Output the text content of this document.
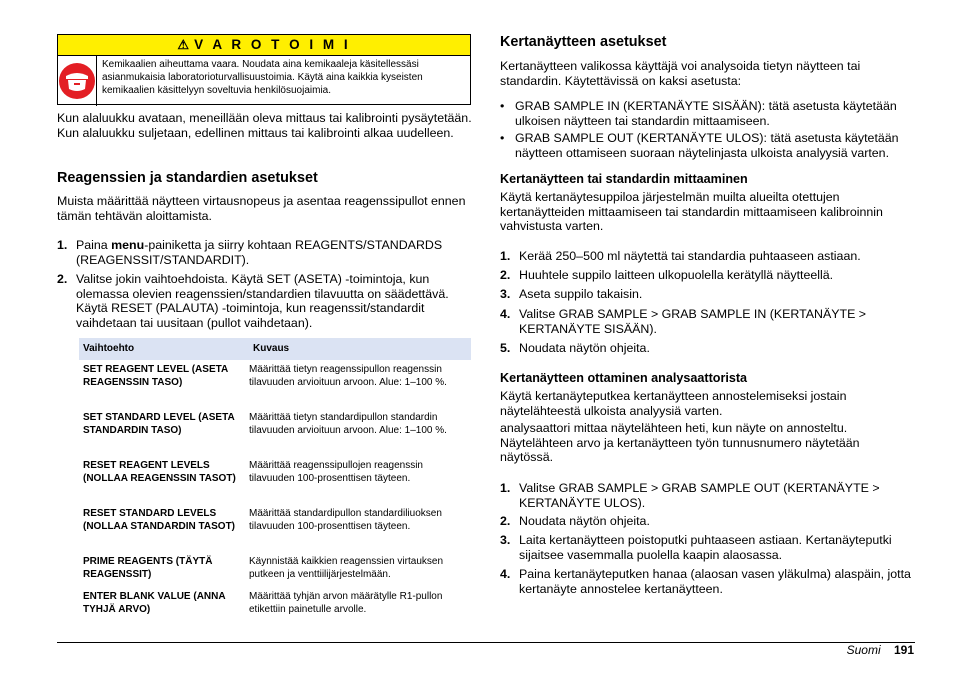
⚠ V A R O T O I M I
Kemikaalien aiheuttama vaara. Noudata aina kemikaaleja käsitellessäsi asianmukaisia laboratorioturvallisuustoimia. Käytä aina kaikkia kyseisten kemikaalien käsittelyyn soveltuvia henkilösuojaimia.

Kun alaluukku avataan, meneillään oleva mittaus tai kalibrointi pysäytetään. Kun alaluukku suljetaan, edellinen mittaus tai kalibrointi alkaa uudelleen.

Reagenssien ja standardien asetukset

Muista määrittää näytteen virtausnopeus ja asentaa reagenssipullot ennen tämän tehtävän aloittamista.

1. Paina menu-painiketta ja siirry kohtaan REAGENTS/STANDARDS (REAGENSSIT/STANDARDIT).
2. Valitse jokin vaihtoehdoista. Käytä SET (ASETA) -toimintoja, kun olemassa olevien reagenssien/standardien tilavuutta on säädettävä. Käytä RESET (PALAUTA) -toimintoja, kun reagenssit/standardit vaihdetaan tai uusitaan (pullot vaihdetaan).
Vaihtoehto	Kuvaus
SET REAGENT LEVEL (ASETA REAGENSSIN TASO)
Määrittää tietyn reagenssipullon reagenssin tilavuuden arvioituun arvoon. Alue: 1–100 %.
SET STANDARD LEVEL (ASETA STANDARDIN TASO)
Määrittää tietyn standardipullon standardin tilavuuden arvioituun arvoon. Alue: 1–100 %.
RESET REAGENT LEVELS (NOLLAA REAGENSSIN TASOT)
Määrittää reagenssipullojen reagenssin tilavuuden 100-prosenttisen täyteen.
RESET STANDARD LEVELS (NOLLAA STANDARDIN TASOT)
Määrittää standardipullon standardiliuoksen tilavuuden 100-prosenttisen täyteen.
PRIME REAGENTS (TÄYTÄ REAGENSSIT)
Käynnistää kaikkien reagenssien virtauksen putkeen ja venttiilijärjestelmään.
ENTER BLANK VALUE (ANNA TYHJÄ ARVO)
Määrittää tyhjän arvon määrätylle R1-pullon etikettiin painetulle arvolle.
Kertanäytteen asetukset

Kertanäytteen valikossa käyttäjä voi analysoida tietyn näytteen tai standardin. Käytettävissä on kaksi asetusta:

• GRAB SAMPLE IN (KERTANÄYTE SISÄÄN): tätä asetusta käytetään ulkoisen näytteen tai standardin mittaamiseen.
• GRAB SAMPLE OUT (KERTANÄYTE ULOS): tätä asetusta käytetään näytteen ottamiseen suoraan näytelinjasta ulkoista analyysiä varten.
Kertanäytteen tai standardin mittaaminen

Käytä kertanäytesuppiloa järjestelmän muilta alueilta otettujen kertanäytteiden mittaamiseen tai standardin mittaamiseen kalibroinnin vahvistusta varten.

1. Kerää 250–500 ml näytettä tai standardia puhtaaseen astiaan.
2. Huuhtele suppilo laitteen ulkopuolella kerätyllä näytteellä.
3. Aseta suppilo takaisin.
4. Valitse GRAB SAMPLE > GRAB SAMPLE IN (KERTANÄYTE > KERTANÄYTE SISÄÄN).
5. Noudata näytön ohjeita.
Kertanäytteen ottaminen analysaattorista

Käytä kertanäyteputkea kertanäytteen annostelemiseksi jostain näytelähteestä ulkoista analyysiä varten.

analysaattori mittaa näytelähteen heti, kun näyte on annosteltu. Näytelähteen arvo ja kertanäytteen työn tunnusnumero näytetään näytössä.

1. Valitse GRAB SAMPLE > GRAB SAMPLE OUT (KERTANÄYTE > KERTANÄYTE ULOS).
2. Noudata näytön ohjeita.
3. Laita kertanäytteen poistoputki puhtaaseen astiaan. Kertanäyteputki sijaitsee vasemmalla puolella kaapin alaosassa.
4. Paina kertanäyteputken hanaa (alaosan vasen yläkulma) alaspäin, jotta kertanäyte annostelee kertanäytteen.
Suomi 191
